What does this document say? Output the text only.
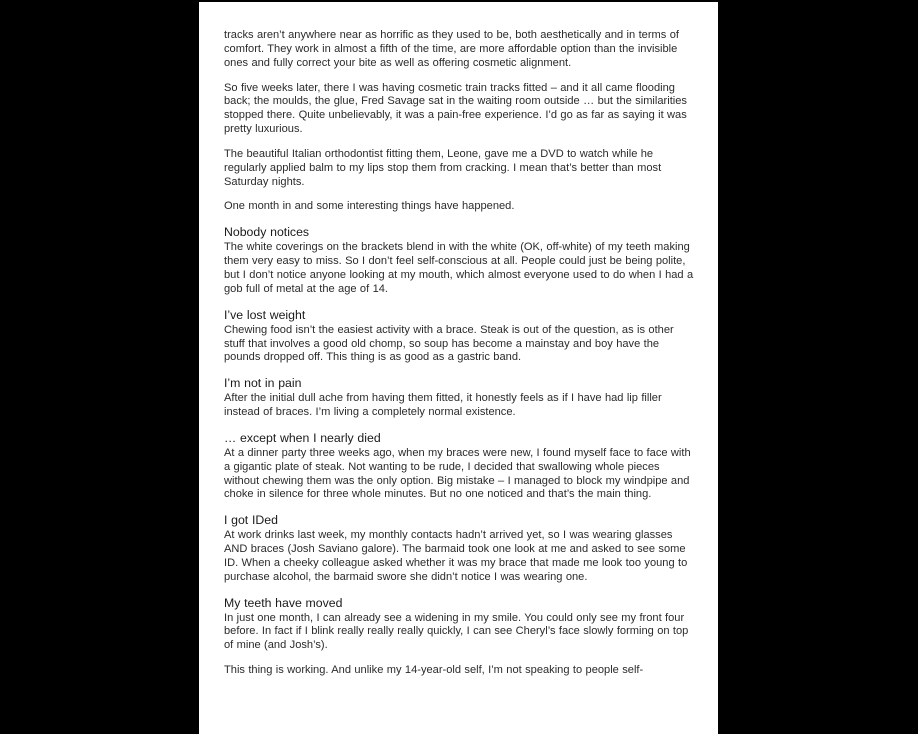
tracks aren’t anywhere near as horrific as they used to be, both aesthetically and in terms of comfort. They work in almost a fifth of the time, are more affordable option than the invisible ones and fully correct your bite as well as offering cosmetic alignment.

So five weeks later, there I was having cosmetic train tracks fitted – and it all came flooding back; the moulds, the glue, Fred Savage sat in the waiting room outside … but the similarities stopped there. Quite unbelievably, it was a pain-free experience. I’d go as far as saying it was pretty luxurious.

The beautiful Italian orthodontist fitting them, Leone, gave me a DVD to watch while he regularly applied balm to my lips stop them from cracking. I mean that’s better than most Saturday nights.

One month in and some interesting things have happened.

Nobody notices

The white coverings on the brackets blend in with the white (OK, off-white) of my teeth making them very easy to miss. So I don’t feel self-conscious at all. People could just be being polite, but I don’t notice anyone looking at my mouth, which almost everyone used to do when I had a gob full of metal at the age of 14.

I’ve lost weight

Chewing food isn’t the easiest activity with a brace. Steak is out of the question, as is other stuff that involves a good old chomp, so soup has become a mainstay and boy have the pounds dropped off. This thing is as good as a gastric band.

I’m not in pain

After the initial dull ache from having them fitted, it honestly feels as if I have had lip filler instead of braces. I’m living a completely normal existence.

… except when I nearly died

At a dinner party three weeks ago, when my braces were new, I found myself face to face with a gigantic plate of steak. Not wanting to be rude, I decided that swallowing whole pieces without chewing them was the only option. Big mistake – I managed to block my windpipe and choke in silence for three whole minutes. But no one noticed and that’s the main thing.

I got IDed

At work drinks last week, my monthly contacts hadn’t arrived yet, so I was wearing glasses AND braces (Josh Saviano galore). The barmaid took one look at me and asked to see some ID. When a cheeky colleague asked whether it was my brace that made me look too young to purchase alcohol, the barmaid swore she didn’t notice I was wearing one.

My teeth have moved

In just one month, I can already see a widening in my smile. You could only see my front four before. In fact if I blink really really really quickly, I can see Cheryl’s face slowly forming on top of mine (and Josh’s).

This thing is working. And unlike my 14-year-old self, I’m not speaking to people self-
